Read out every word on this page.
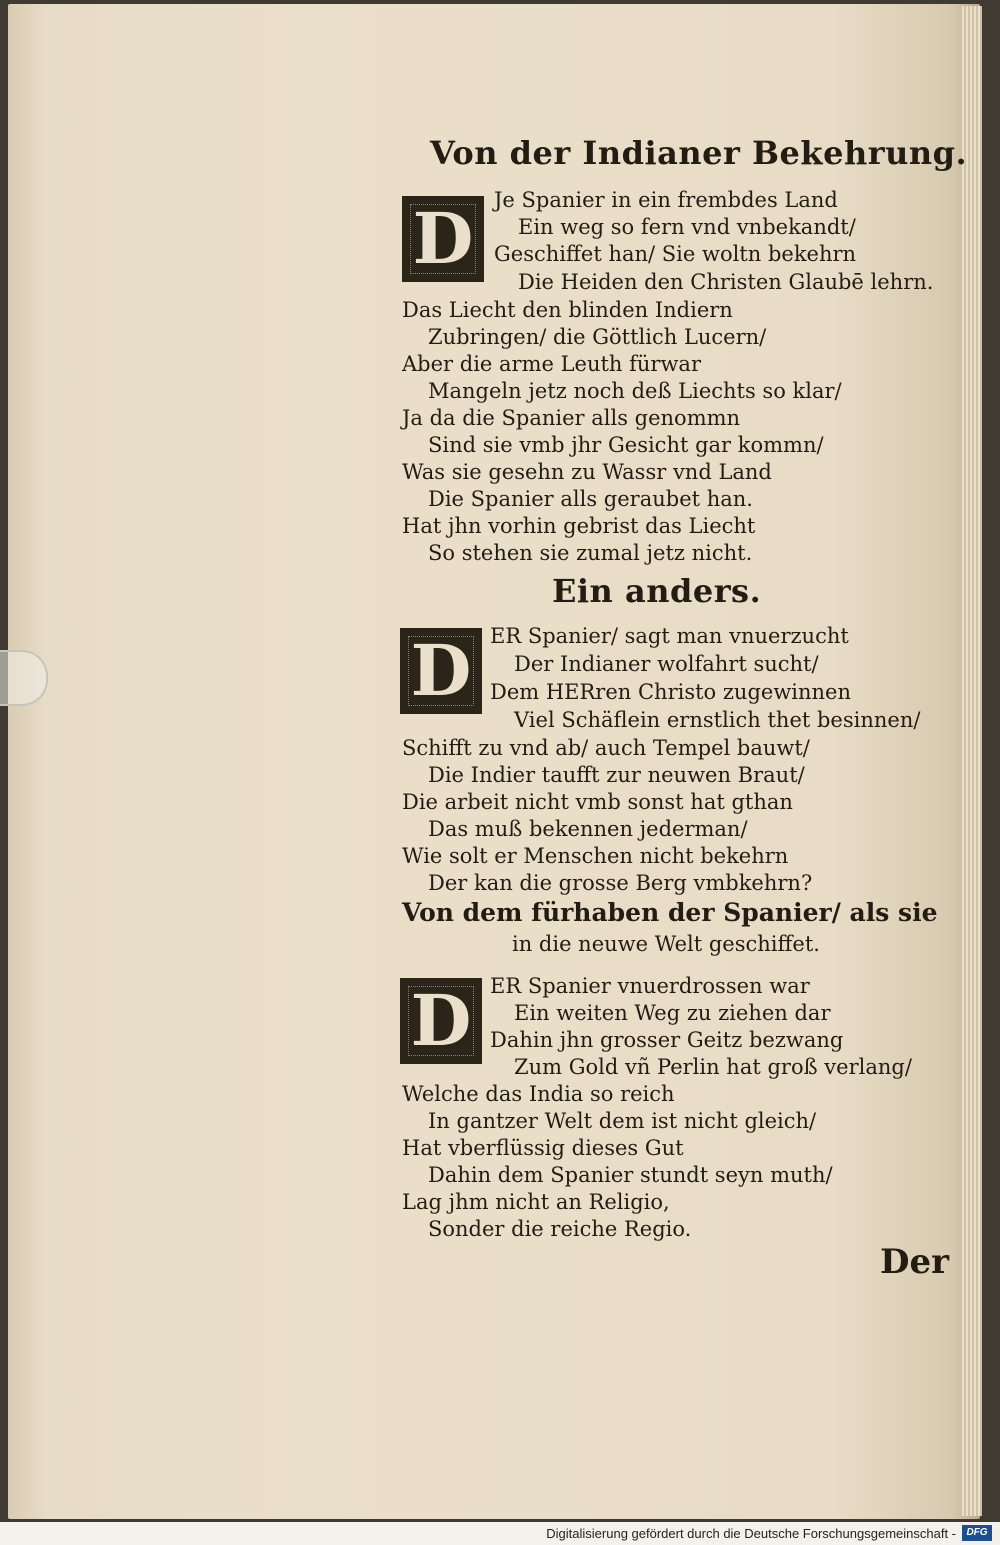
Von der Indianer Bekehrung.
D Je Spanier in ein frembdes Land
Ein weg so fern vnd vnbekandt/
Geschiffet han/ Sie woltn bekehrn
Die Heiden den Christen Glaubē lehrn.
Das Liecht den blinden Indiern
Zubringen/ die Göttlich Lucern/
Aber die arme Leuth fürwar
Mangeln jetz noch deß Liechts so klar/
Ja da die Spanier alls genommn
Sind sie vmb jhr Gesicht gar kommn/
Was sie gesehn zu Wassr vnd Land
Die Spanier alls geraubet han.
Hat jhn vorhin gebrist das Liecht
So stehen sie zumal jetz nicht.
Ein anders.
D ER Spanier/ sagt man vnuerzucht
Der Indianer wolfahrt sucht/
Dem HERren Christo zugewinnen
Viel Schäflein ernstlich thet besinnen/
Schifft zu vnd ab/ auch Tempel bauwt/
Die Indier taufft zur neuwen Braut/
Die arbeit nicht vmb sonst hat gthan
Das muß bekennen jederman/
Wie solt er Menschen nicht bekehrn
Der kan die grosse Berg vmbkehrn?
Von dem fürhaben der Spanier/ als sie
in die neuwe Welt geschiffet.
D ER Spanier vnuerdrossen war
Ein weiten Weg zu ziehen dar
Dahin jhn grosser Geitz bezwang
Zum Gold vñ Perlin hat groß verlang/
Welche das India so reich
In gantzer Welt dem ist nicht gleich/
Hat vberflüssig dieses Gut
Dahin dem Spanier stundt seyn muth/
Lag jhm nicht an Religio,
Sonder die reiche Regio.
Der
Digitalisierung gefördert durch die Deutsche Forschungsgemeinschaft -	DFG
